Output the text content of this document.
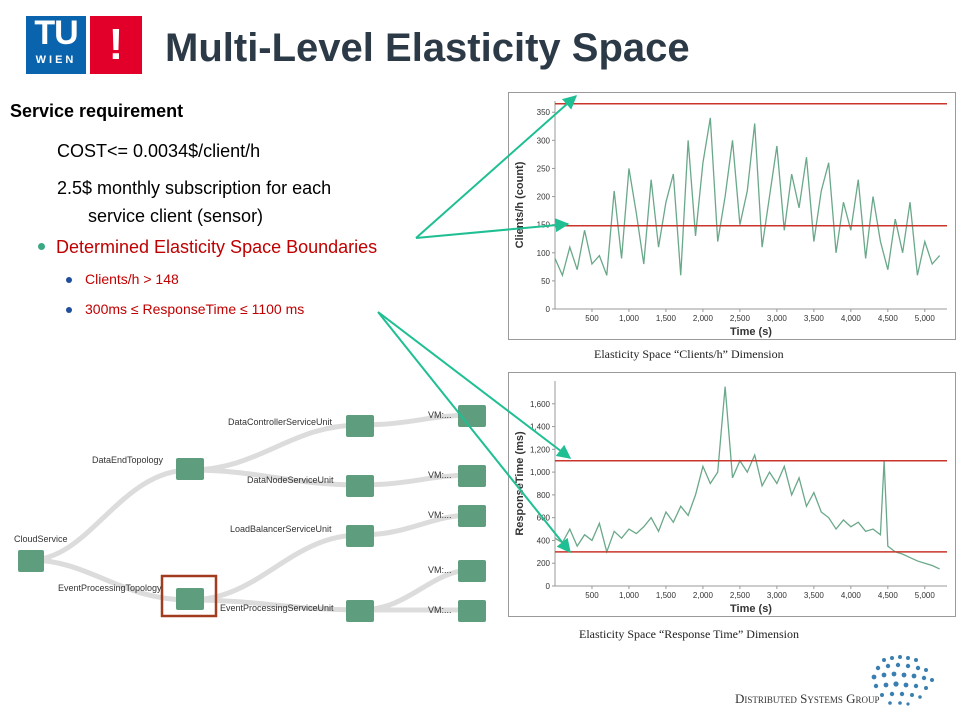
TU
WIEN !	Multi-Level Elasticity Space
Service requirement
COST<= 0.0034$/client/h
2.5$ monthly subscription for each
service client (sensor)
Determined Elasticity Space Boundaries
Clients/h > 148
300ms ≤ ResponseTime ≤ 1100 ms	0
50
100
150
200
250
300
350
500	1,000 1,500 2,000 2,500 3,000 3,500 4,000 4,500 5,000
Time (s)
Clients/h (count)
Elasticity Space “Clients/h” Dimension
0
200
400
600
800
1,000
1,200
1,400
1,600
500	1,000 1,500 2,000 2,500 3,000 3,500 4,000 4,500 5,000
Time (s)
ResponseTime (ms)
Elasticity Space “Response Time” Dimension
CloudService
DataEndTopology
EventProcessingTopology
DataControllerServiceUnit
DataNodeServiceUnit
LoadBalancerServiceUnit
EventProcessingServiceUnit
VM:...
VM:...
VM:...
VM:...
VM:...
Distributed Systems Group
